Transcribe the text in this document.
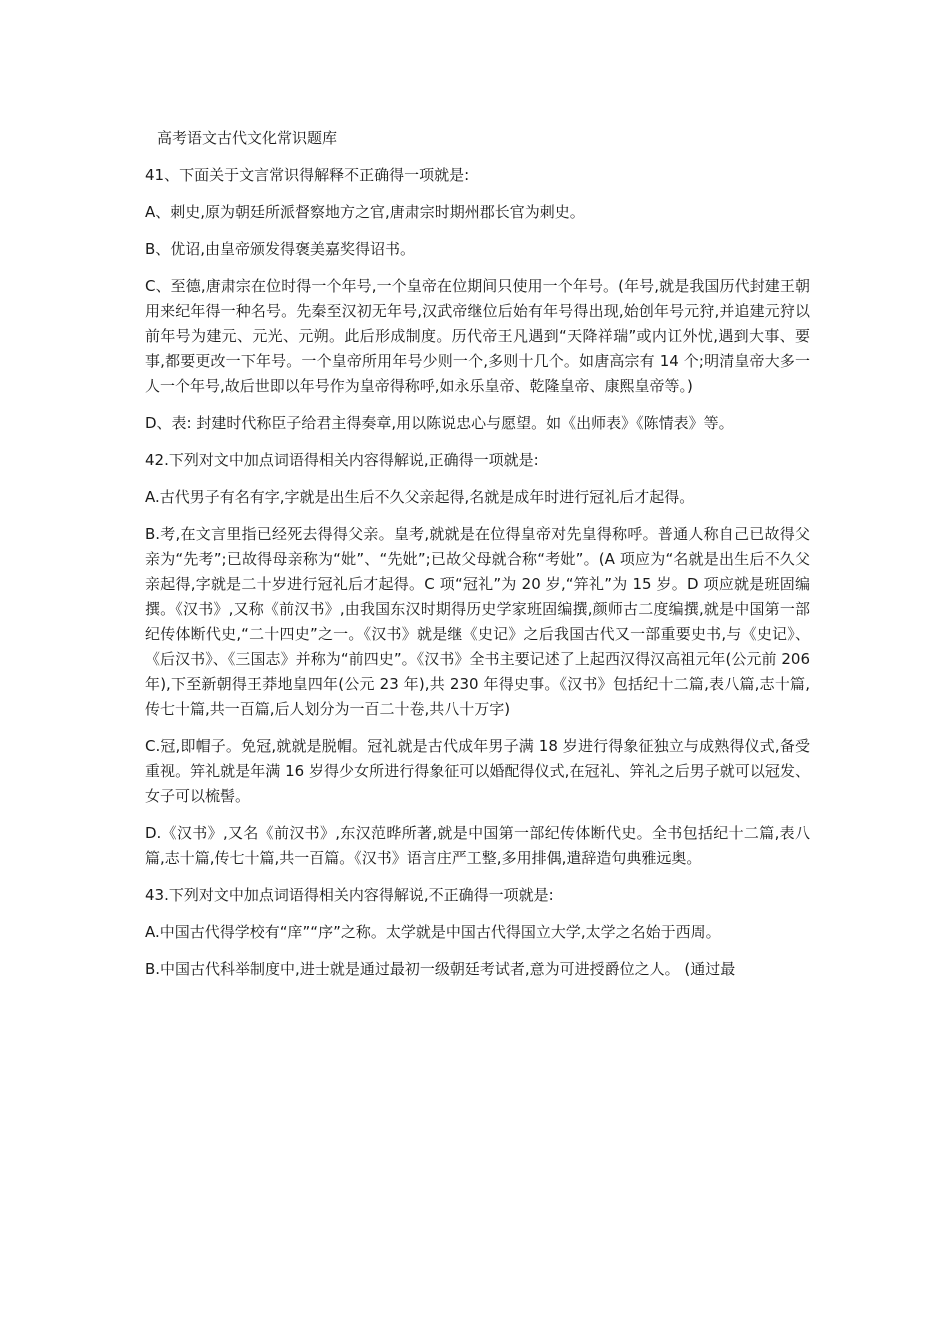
高考语文古代文化常识题库

41、下面关于文言常识得解释不正确得一项就是:

A、刺史,原为朝廷所派督察地方之官,唐肃宗时期州郡长官为刺史。

B、优诏,由皇帝颁发得褒美嘉奖得诏书。

C、至德,唐肃宗在位时得一个年号,一个皇帝在位期间只使用一个年号。(年号,就是我国历代封建王朝用来纪年得一种名号。先秦至汉初无年号,汉武帝继位后始有年号得出现,始创年号元狩,并追建元狩以前年号为建元、元光、元朔。此后形成制度。历代帝王凡遇到“天降祥瑞”或内讧外忧,遇到大事、要事,都要更改一下年号。一个皇帝所用年号少则一个,多则十几个。如唐高宗有 14 个;明清皇帝大多一人一个年号,故后世即以年号作为皇帝得称呼,如永乐皇帝、乾隆皇帝、康熙皇帝等。)

D、表: 封建时代称臣子给君主得奏章,用以陈说忠心与愿望。如《出师表》《陈情表》等。

42.下列对文中加点词语得相关内容得解说,正确得一项就是:

A.古代男子有名有字,字就是出生后不久父亲起得,名就是成年时进行冠礼后才起得。

B.考,在文言里指已经死去得得父亲。皇考,就就是在位得皇帝对先皇得称呼。普通人称自己已故得父亲为“先考”;已故得母亲称为“妣”、“先妣”;已故父母就合称“考妣”。(A 项应为“名就是出生后不久父亲起得,字就是二十岁进行冠礼后才起得。C 项“冠礼”为 20 岁,“笄礼”为 15 岁。D 项应就是班固编撰。《汉书》,又称《前汉书》,由我国东汉时期得历史学家班固编撰,颜师古二度编撰,就是中国第一部纪传体断代史,“二十四史”之一。《汉书》就是继《史记》之后我国古代又一部重要史书,与《史记》、《后汉书》、《三国志》并称为“前四史”。《汉书》全书主要记述了上起西汉得汉高祖元年(公元前 206 年),下至新朝得王莽地皇四年(公元 23 年),共 230 年得史事。《汉书》包括纪十二篇,表八篇,志十篇,传七十篇,共一百篇,后人划分为一百二十卷,共八十万字)

C.冠,即帽子。免冠,就就是脱帽。冠礼就是古代成年男子满 18 岁进行得象征独立与成熟得仪式,备受重视。笄礼就是年满 16 岁得少女所进行得象征可以婚配得仪式,在冠礼、笄礼之后男子就可以冠发、女子可以梳髻。

D.《汉书》,又名《前汉书》,东汉范晔所著,就是中国第一部纪传体断代史。全书包括纪十二篇,表八篇,志十篇,传七十篇,共一百篇。《汉书》语言庄严工整,多用排偶,遣辞造句典雅远奥。

43.下列对文中加点词语得相关内容得解说,不正确得一项就是:

A.中国古代得学校有“庠”“序”之称。太学就是中国古代得国立大学,太学之名始于西周。

B.中国古代科举制度中,进士就是通过最初一级朝廷考试者,意为可进授爵位之人。 (通过最
